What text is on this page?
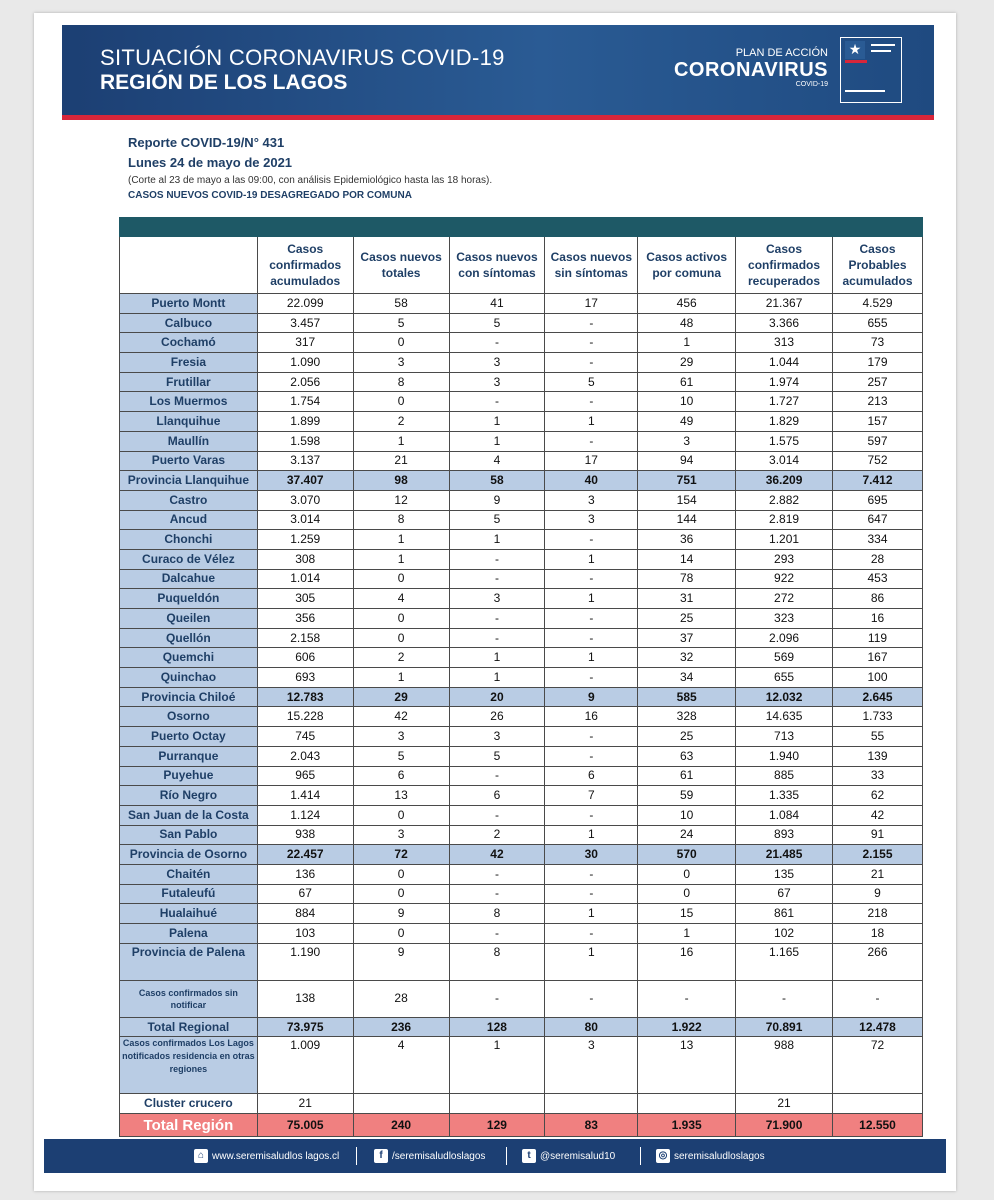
SITUACIÓN CORONAVIRUS COVID-19
REGIÓN DE LOS LAGOS
PLAN DE ACCIÓN
CORONAVIRUS
COVID-19
★
Reporte COVID-19/N° 431
Lunes 24 de mayo de 2021
(Corte al 23 de mayo a las 09:00, con análisis Epidemiológico hasta las 18 horas).
CASOS NUEVOS COVID-19 DESAGREGADO POR COMUNA

	Casos confirmados acumulados	Casos nuevos totales	Casos nuevos con síntomas	Casos nuevos sin síntomas	Casos activos por comuna	Casos confirmados recuperados	Casos Probables acumulados
Puerto Montt	22.099	58	41	17	456	21.367	4.529
Calbuco	3.457	5	5	-	48	3.366	655
Cochamó	317	0	-	-	1	313	73
Fresia	1.090	3	3	-	29	1.044	179
Frutillar	2.056	8	3	5	61	1.974	257
Los Muermos	1.754	0	-	-	10	1.727	213
Llanquihue	1.899	2	1	1	49	1.829	157
Maullín	1.598	1	1	-	3	1.575	597
Puerto Varas	3.137	21	4	17	94	3.014	752
Provincia Llanquihue	37.407	98	58	40	751	36.209	7.412
Castro	3.070	12	9	3	154	2.882	695
Ancud	3.014	8	5	3	144	2.819	647
Chonchi	1.259	1	1	-	36	1.201	334
Curaco de Vélez	308	1	-	1	14	293	28
Dalcahue	1.014	0	-	-	78	922	453
Puqueldón	305	4	3	1	31	272	86
Queilen	356	0	-	-	25	323	16
Quellón	2.158	0	-	-	37	2.096	119
Quemchi	606	2	1	1	32	569	167
Quinchao	693	1	1	-	34	655	100
Provincia Chiloé	12.783	29	20	9	585	12.032	2.645
Osorno	15.228	42	26	16	328	14.635	1.733
Puerto Octay	745	3	3	-	25	713	55
Purranque	2.043	5	5	-	63	1.940	139
Puyehue	965	6	-	6	61	885	33
Río Negro	1.414	13	6	7	59	1.335	62
San Juan de la Costa	1.124	0	-	-	10	1.084	42
San Pablo	938	3	2	1	24	893	91
Provincia de Osorno	22.457	72	42	30	570	21.485	2.155
Chaitén	136	0	-	-	0	135	21
Futaleufú	67	0	-	-	0	67	9
Hualaihué	884	9	8	1	15	861	218
Palena	103	0	-	-	1	102	18
Provincia de Palena	1.190	9	8	1	16	1.165	266
Casos confirmados sin notificar	138	28	-	-	-	-	-
Total Regional	73.975	236	128	80	1.922	70.891	12.478
Casos confirmados Los Lagos notificados residencia en otras regiones	1.009	4	1	3	13	988	72
Cluster crucero	21					21	
Total Región	75.005	240	129	83	1.935	71.900	12.550
⌂ www.seremisaludlos lagos.cl	f /seremisaludloslagos	t @seremisalud10	◎ seremisaludloslagos
